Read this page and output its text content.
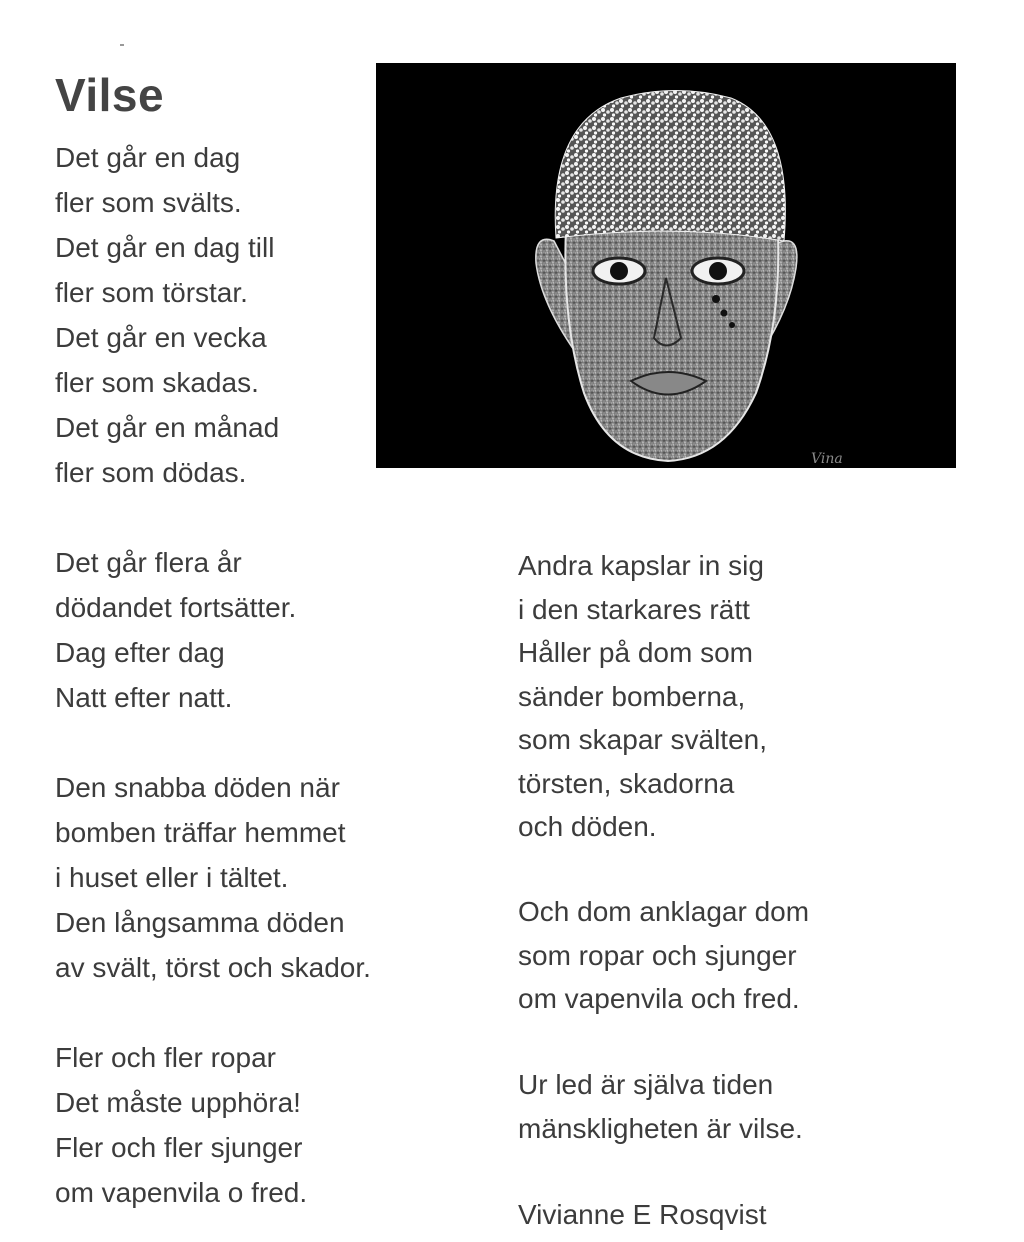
Vilse
Det går en dag
fler som svälts.
Det går en dag till
fler som törstar.
Det går en vecka
fler som skadas.
Det går en månad
fler som dödas.
Det går flera år
dödandet fortsätter.
Dag efter dag
Natt efter natt.
Den snabba döden när
bomben träffar hemmet
i huset eller i tältet.
Den långsamma döden
av svält, törst och skador.
Fler och fler ropar
Det måste upphöra!
Fler och fler sjunger
om vapenvila o fred.
Andra kapslar in sig
i den starkares rätt
Håller på dom som
sänder bomberna,
som skapar svälten,
törsten, skadorna
och döden.
Och dom anklagar dom
som ropar och sjunger
om vapenvila och fred.
Ur led är själva tiden
mänskligheten är vilse.
Vivianne E Rosqvist
Vina
